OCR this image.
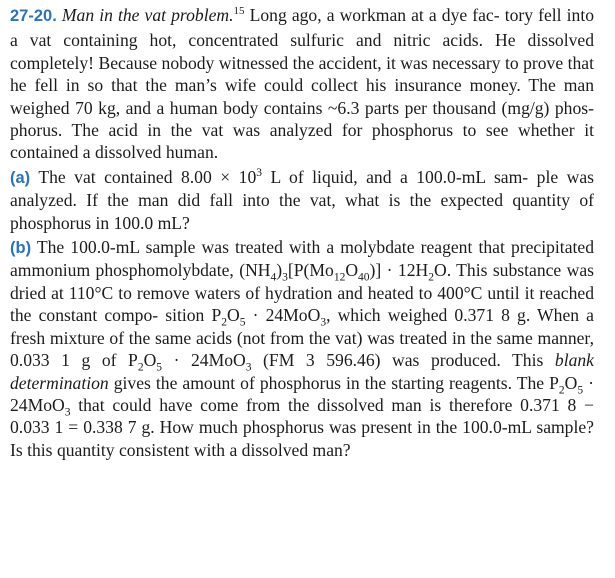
27-20. Man in the vat problem.$^{15}$ Long ago, a workman at a dye fac- tory fell into a vat containing hot, concentrated sulfuric and nitric acids. He dissolved completely! Because nobody witnessed the accident, it was necessary to prove that he fell in so that the man’s wife could collect his insurance money. The man weighed 70 kg, and a human body contains ~6.3 parts per thousand (mg/g) phos- phorus. The acid in the vat was analyzed for phosphorus to see whether it contained a dissolved human.

(a) The vat contained $8.00 \times 10^3$ L of liquid, and a 100.0-mL sam- ple was analyzed. If the man did fall into the vat, what is the expected quantity of phosphorus in 100.0 mL?

(b) The 100.0-mL sample was treated with a molybdate reagent that precipitated ammonium phosphomolybdate, $(NH_4)_3[P(Mo_{12}O_{40})] \cdot 12H_2O$. This substance was dried at 110°C to remove waters of hydration and heated to 400°C until it reached the constant compo- sition $P_2O_5 \cdot 24MoO_3$, which weighed 0.371 8 g. When a fresh mixture of the same acids (not from the vat) was treated in the same manner, 0.033 1 g of $P_2O_5 \cdot 24MoO_3$ (FM 3 596.46) was produced. This blank determination gives the amount of phosphorus in the starting reagents. The $P_2O_5 \cdot 24MoO_3$ that could have come from the dissolved man is therefore 0.371 8 − 0.033 1 = 0.338 7 g. How much phosphorus was present in the 100.0-mL sample? Is this quantity consistent with a dissolved man?
